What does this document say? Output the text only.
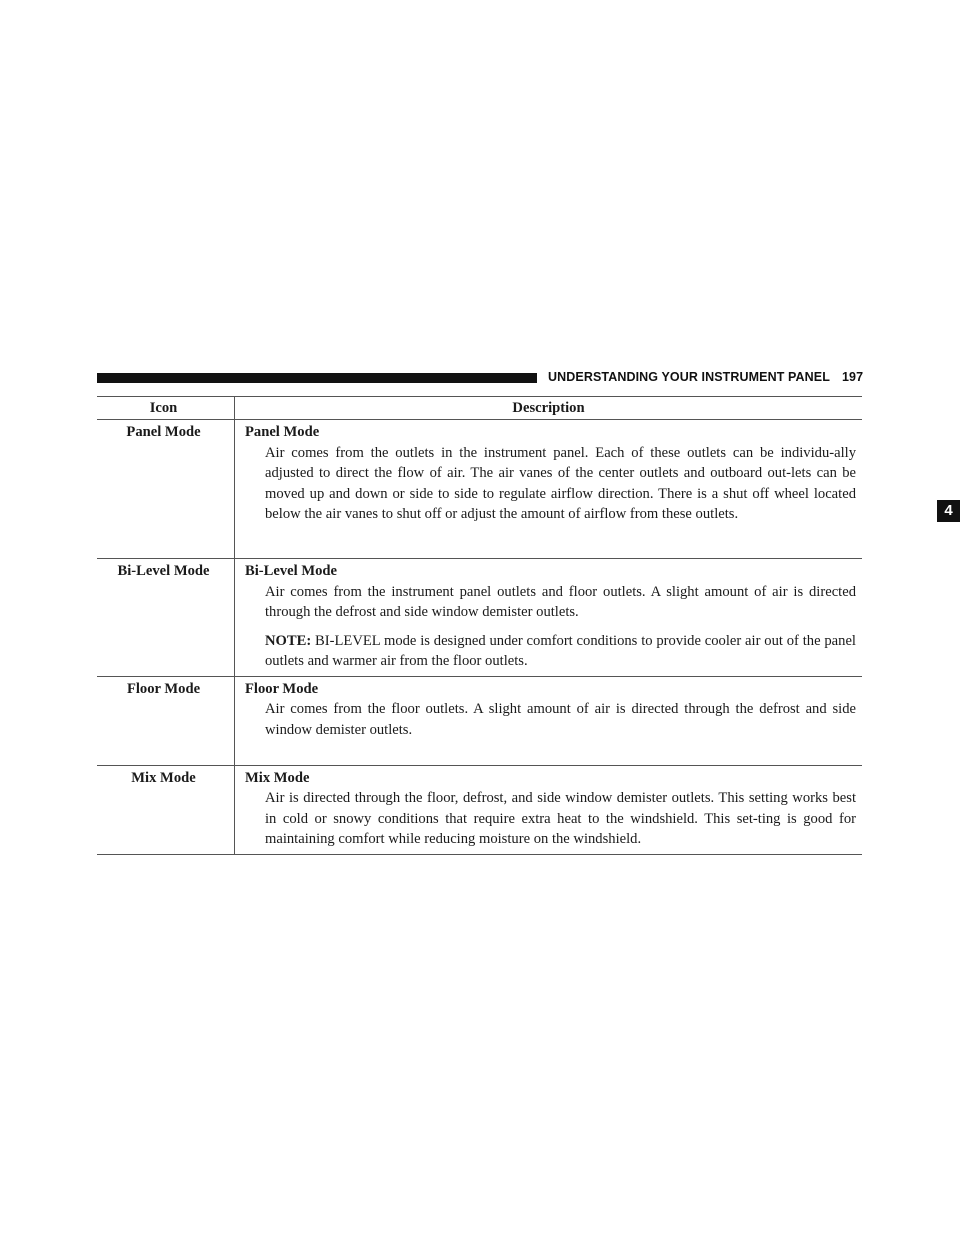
UNDERSTANDING YOUR INSTRUMENT PANEL 197
4
Icon	Description
Panel Mode	Panel Mode
Air comes from the outlets in the instrument panel. Each of these outlets can be individu-ally adjusted to direct the flow of air. The air vanes of the center outlets and outboard out-lets can be moved up and down or side to side to regulate airflow direction. There is a shut off wheel located below the air vanes to shut off or adjust the amount of airflow from these outlets.

Bi-Level Mode	Bi-Level Mode
Air comes from the instrument panel outlets and floor outlets. A slight amount of air is directed through the defrost and side window demister outlets.
NOTE: BI-LEVEL mode is designed under comfort conditions to provide cooler air out of the panel outlets and warmer air from the floor outlets.

Floor Mode	Floor Mode
Air comes from the floor outlets. A slight amount of air is directed through the defrost and side window demister outlets.

Mix Mode	Mix Mode
Air is directed through the floor, defrost, and side window demister outlets. This setting works best in cold or snowy conditions that require extra heat to the windshield. This set-ting is good for maintaining comfort while reducing moisture on the windshield.
